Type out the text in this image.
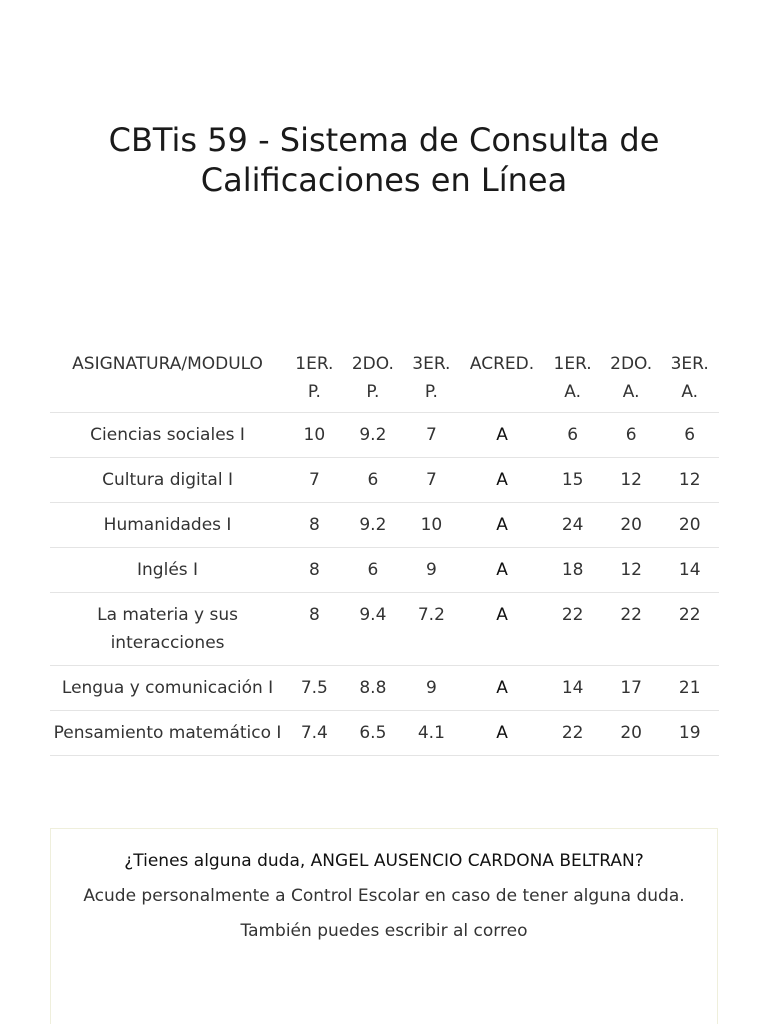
CBTis 59 - Sistema de Consulta de
Calificaciones en Línea
ASIGNATURA/MODULO	1ER. P.	2DO. P.	3ER. P.	ACRED.	1ER. A.	2DO. A.	3ER. A.
Ciencias sociales I	10	9.2	7	A	6	6	6
Cultura digital I	7	6	7	A	15	12	12
Humanidades I	8	9.2	10	A	24	20	20
Inglés I	8	6	9	A	18	12	14
La materia y sus interacciones	8	9.4	7.2	A	22	22	22
Lengua y comunicación I	7.5	8.8	9	A	14	17	21
Pensamiento matemático I	7.4	6.5	4.1	A	22	20	19

¿Tienes alguna duda, ANGEL AUSENCIO CARDONA BELTRAN?

Acude personalmente a Control Escolar en caso de tener alguna duda. También puedes escribir al correo
